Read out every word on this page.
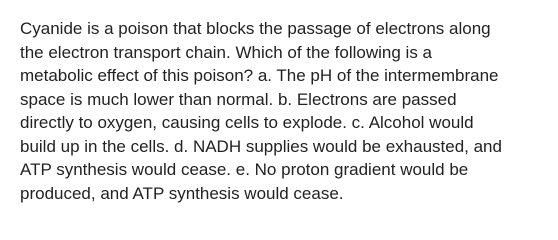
Cyanide is a poison that blocks the passage of electrons along
the electron transport chain. Which of the following is a
metabolic effect of this poison? a. The pH of the intermembrane
space is much lower than normal. b. Electrons are passed
directly to oxygen, causing cells to explode. c. Alcohol would
build up in the cells. d. NADH supplies would be exhausted, and
ATP synthesis would cease. e. No proton gradient would be
produced, and ATP synthesis would cease.
